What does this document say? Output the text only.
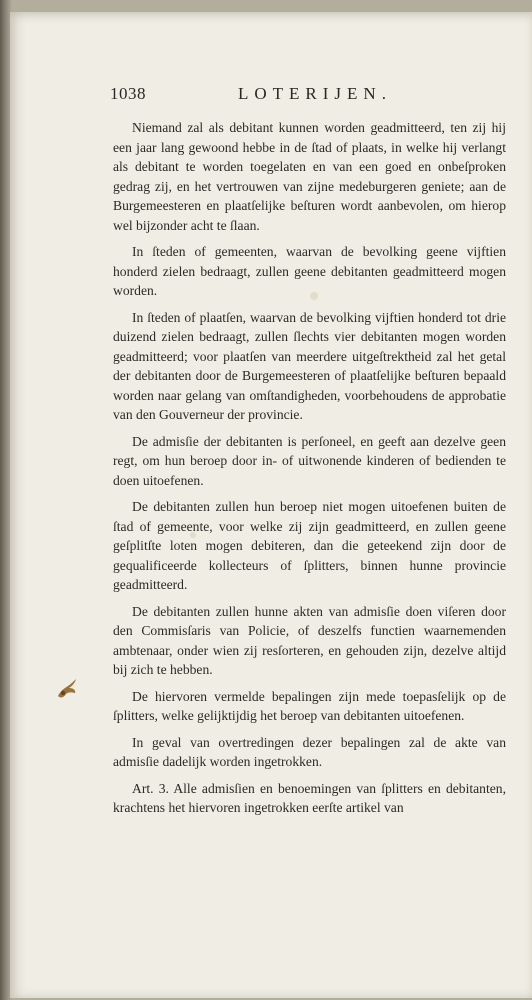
1038	LOTERIJEN.

Niemand zal als debitant kunnen worden geadmitteerd, ten zij hij een jaar lang gewoond hebbe in de ſtad of plaats, in welke hij verlangt als debitant te worden toegelaten en van een goed en onbeſproken gedrag zij, en het vertrouwen van zijne medeburgeren geniete; aan de Burgemeesteren en plaatſelijke beſturen wordt aanbevolen, om hierop wel bijzonder acht te ſlaan.

In ſteden of gemeenten, waarvan de bevolking geene vijftien honderd zielen bedraagt, zullen geene debitanten geadmitteerd mogen worden.

In ſteden of plaatſen, waarvan de bevolking vijftien honderd tot drie duizend zielen bedraagt, zullen ſlechts vier debitanten mogen worden geadmitteerd; voor plaatſen van meerdere uitgeſtrektheid zal het getal der debitanten door de Burgemeesteren of plaatſelijke beſturen bepaald worden naar gelang van omſtandigheden, voorbehoudens de approbatie van den Gouverneur der provincie.

De admisſie der debitanten is perſoneel, en geeft aan dezelve geen regt, om hun beroep door in- of uitwonende kinderen of bedienden te doen uitoefenen.

De debitanten zullen hun beroep niet mogen uitoefenen buiten de ſtad of gemeente, voor welke zij zijn geadmitteerd, en zullen geene geſplitſte loten mogen debiteren, dan die geteekend zijn door de gequalificeerde kollecteurs of ſplitters, binnen hunne provincie geadmitteerd.

De debitanten zullen hunne akten van admisſie doen viſeren door den Commisſaris van Policie, of deszelfs functien waarnemenden ambtenaar, onder wien zij resſorteren, en gehouden zijn, dezelve altijd bij zich te hebben.

De hiervoren vermelde bepalingen zijn mede toepasſelijk op de ſplitters, welke gelijktijdig het beroep van debitanten uitoefenen.

In geval van overtredingen dezer bepalingen zal de akte van admisſie dadelijk worden ingetrokken.

Art. 3. Alle admisſien en benoemingen van ſplitters en debitanten, krachtens het hiervoren ingetrokken eerſte artikel van
